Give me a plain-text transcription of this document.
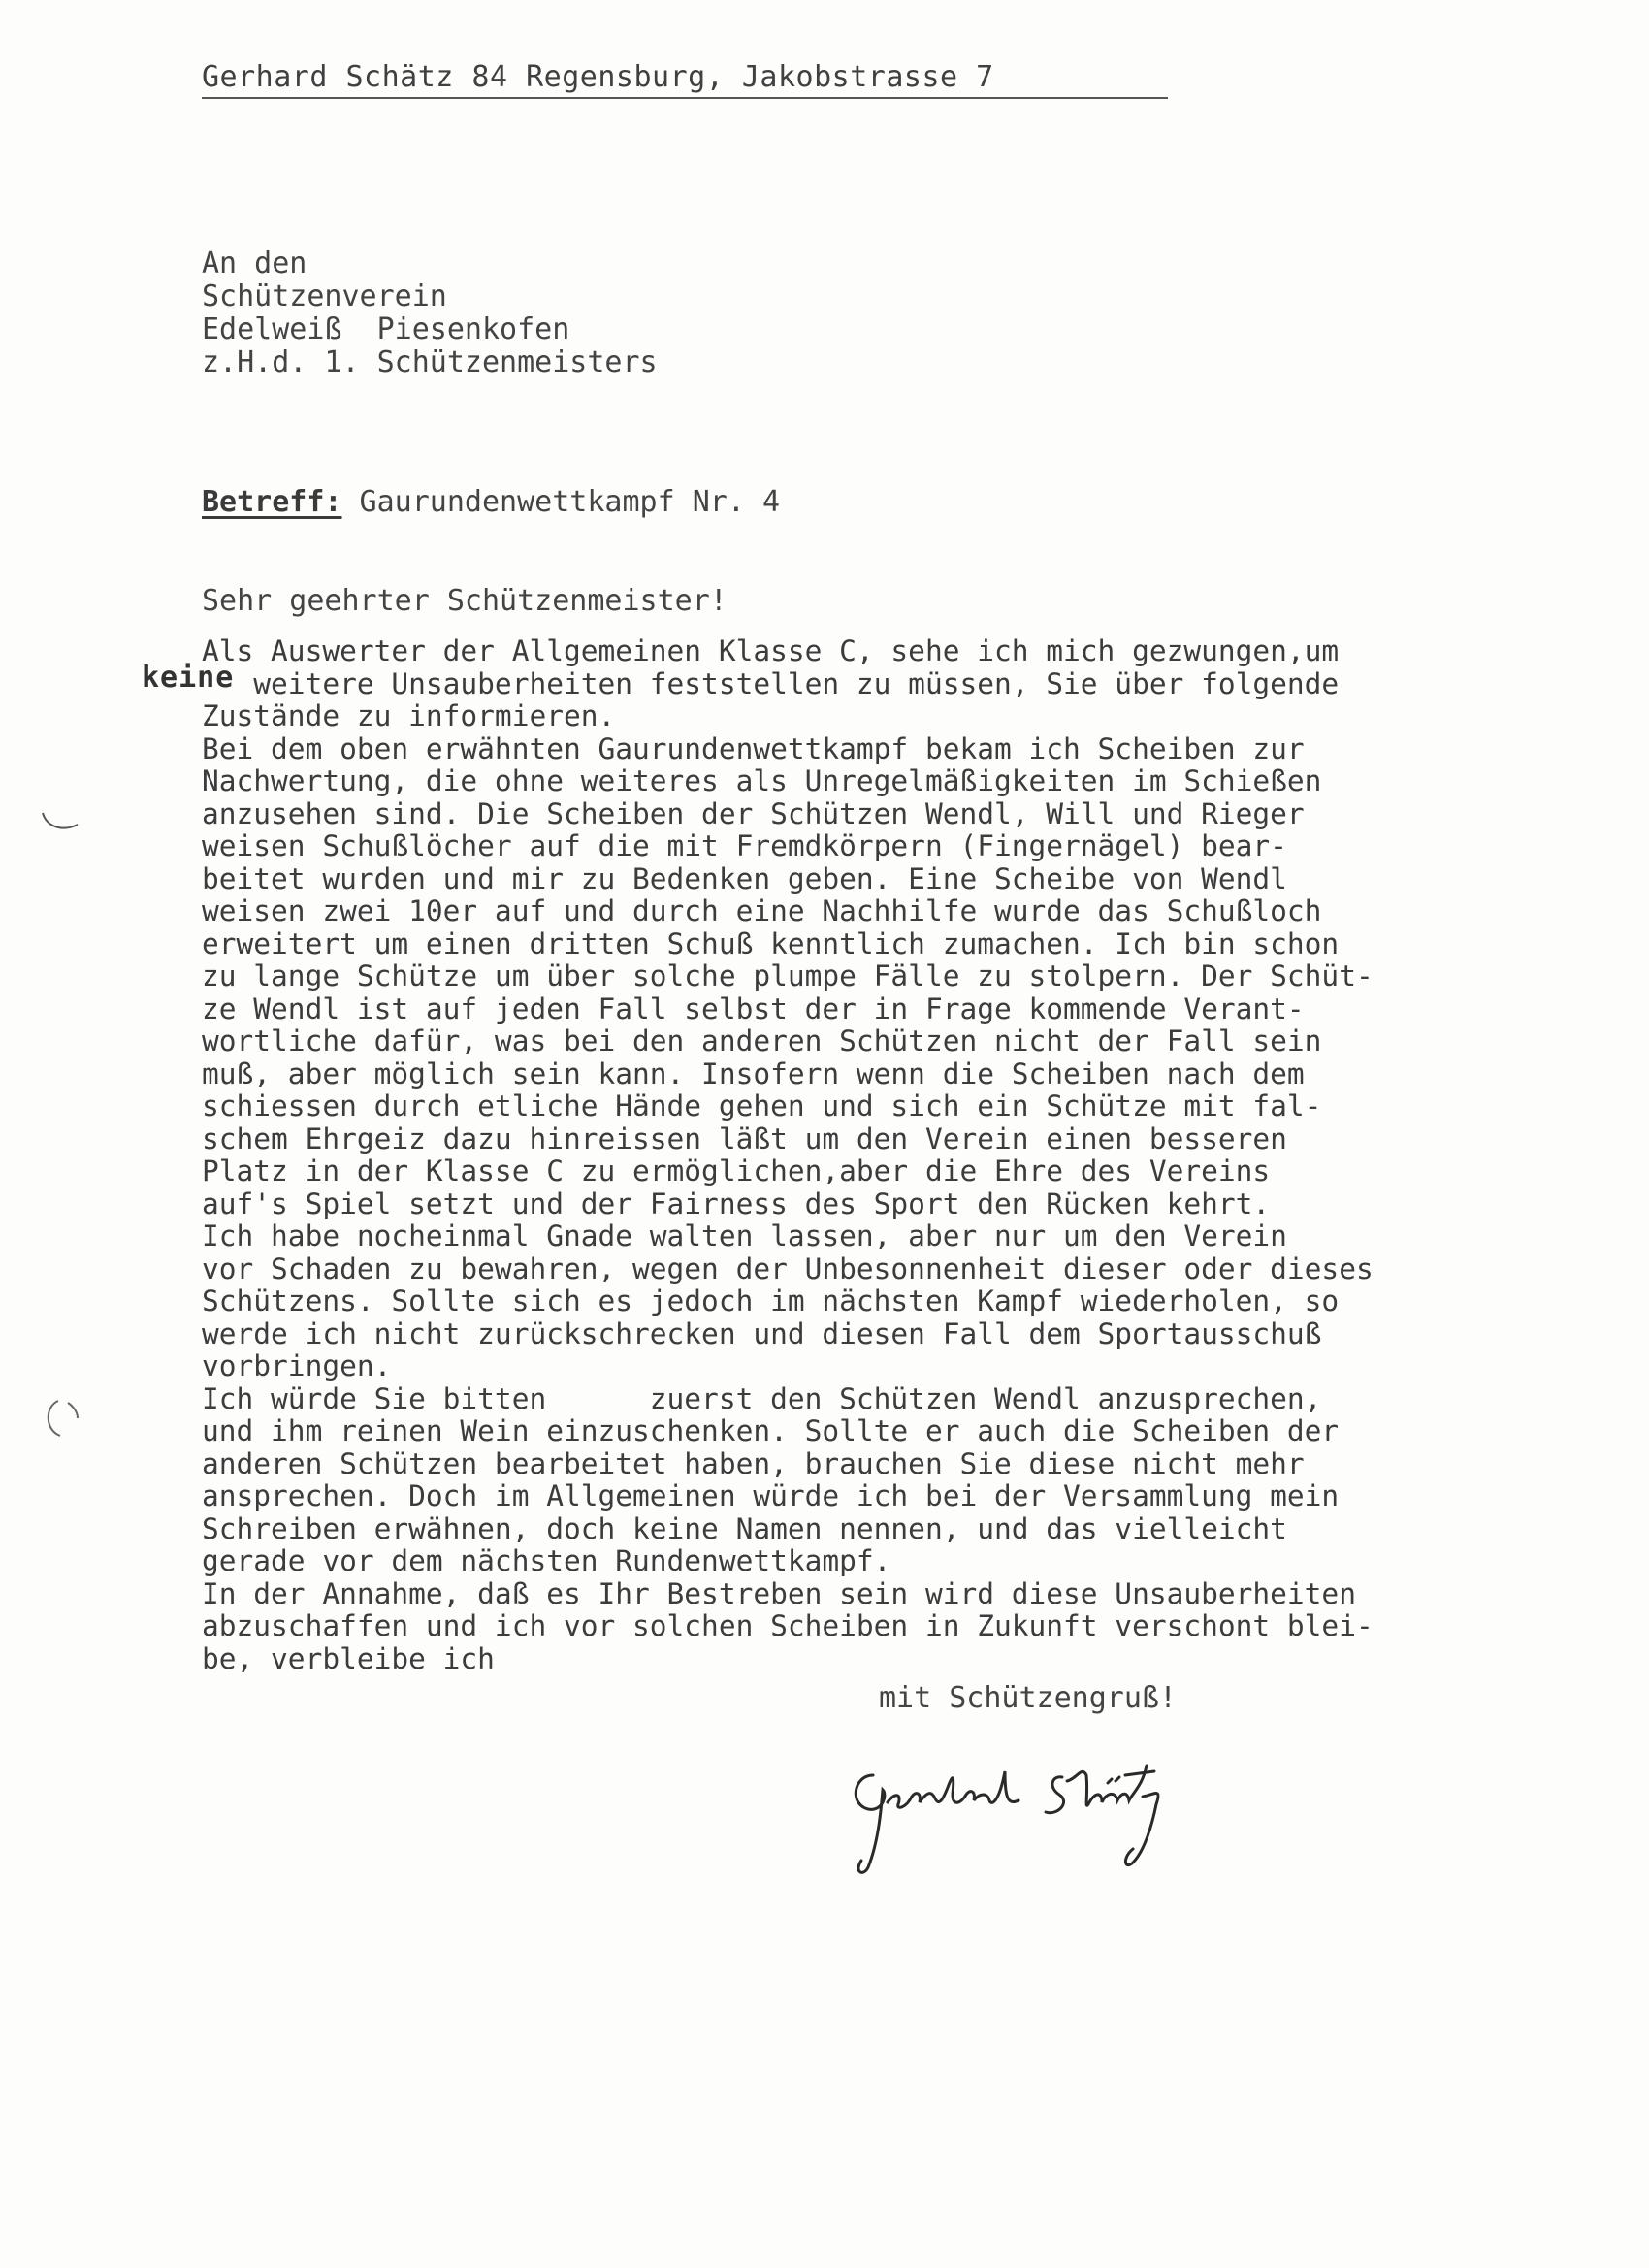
Gerhard Schätz 84 Regensburg, Jakobstrasse 7
An den
Schützenverein
Edelweiß  Piesenkofen
z.H.d. 1. Schützenmeisters
Betreff: Gaurundenwettkampf Nr. 4
Sehr geehrter Schützenmeister!
keine
Als Auswerter der Allgemeinen Klasse C, sehe ich mich gezwungen,um
weitere Unsauberheiten feststellen zu müssen, Sie über folgende
Zustände zu informieren.
Bei dem oben erwähnten Gaurundenwettkampf bekam ich Scheiben zur
Nachwertung, die ohne weiteres als Unregelmäßigkeiten im Schießen
anzusehen sind. Die Scheiben der Schützen Wendl, Will und Rieger
weisen Schußlöcher auf die mit Fremdkörpern (Fingernägel) bear-
beitet wurden und mir zu Bedenken geben. Eine Scheibe von Wendl
weisen zwei 10er auf und durch eine Nachhilfe wurde das Schußloch
erweitert um einen dritten Schuß kenntlich zumachen. Ich bin schon
zu lange Schütze um über solche plumpe Fälle zu stolpern. Der Schüt-
ze Wendl ist auf jeden Fall selbst der in Frage kommende Verant-
wortliche dafür, was bei den anderen Schützen nicht der Fall sein
muß, aber möglich sein kann. Insofern wenn die Scheiben nach dem
schiessen durch etliche Hände gehen und sich ein Schütze mit fal-
schem Ehrgeiz dazu hinreissen läßt um den Verein einen besseren
Platz in der Klasse C zu ermöglichen,aber die Ehre des Vereins
auf's Spiel setzt und der Fairness des Sport den Rücken kehrt.
Ich habe nocheinmal Gnade walten lassen, aber nur um den Verein
vor Schaden zu bewahren, wegen der Unbesonnenheit dieser oder dieses
Schützens. Sollte sich es jedoch im nächsten Kampf wiederholen, so
werde ich nicht zurückschrecken und diesen Fall dem Sportausschuß
vorbringen.
Ich würde Sie bitten      zuerst den Schützen Wendl anzusprechen,
und ihm reinen Wein einzuschenken. Sollte er auch die Scheiben der
anderen Schützen bearbeitet haben, brauchen Sie diese nicht mehr
ansprechen. Doch im Allgemeinen würde ich bei der Versammlung mein
Schreiben erwähnen, doch keine Namen nennen, und das vielleicht
gerade vor dem nächsten Rundenwettkampf.
In der Annahme, daß es Ihr Bestreben sein wird diese Unsauberheiten
abzuschaffen und ich vor solchen Scheiben in Zukunft verschont blei-
be, verbleibe ich
mit Schützengruß!
